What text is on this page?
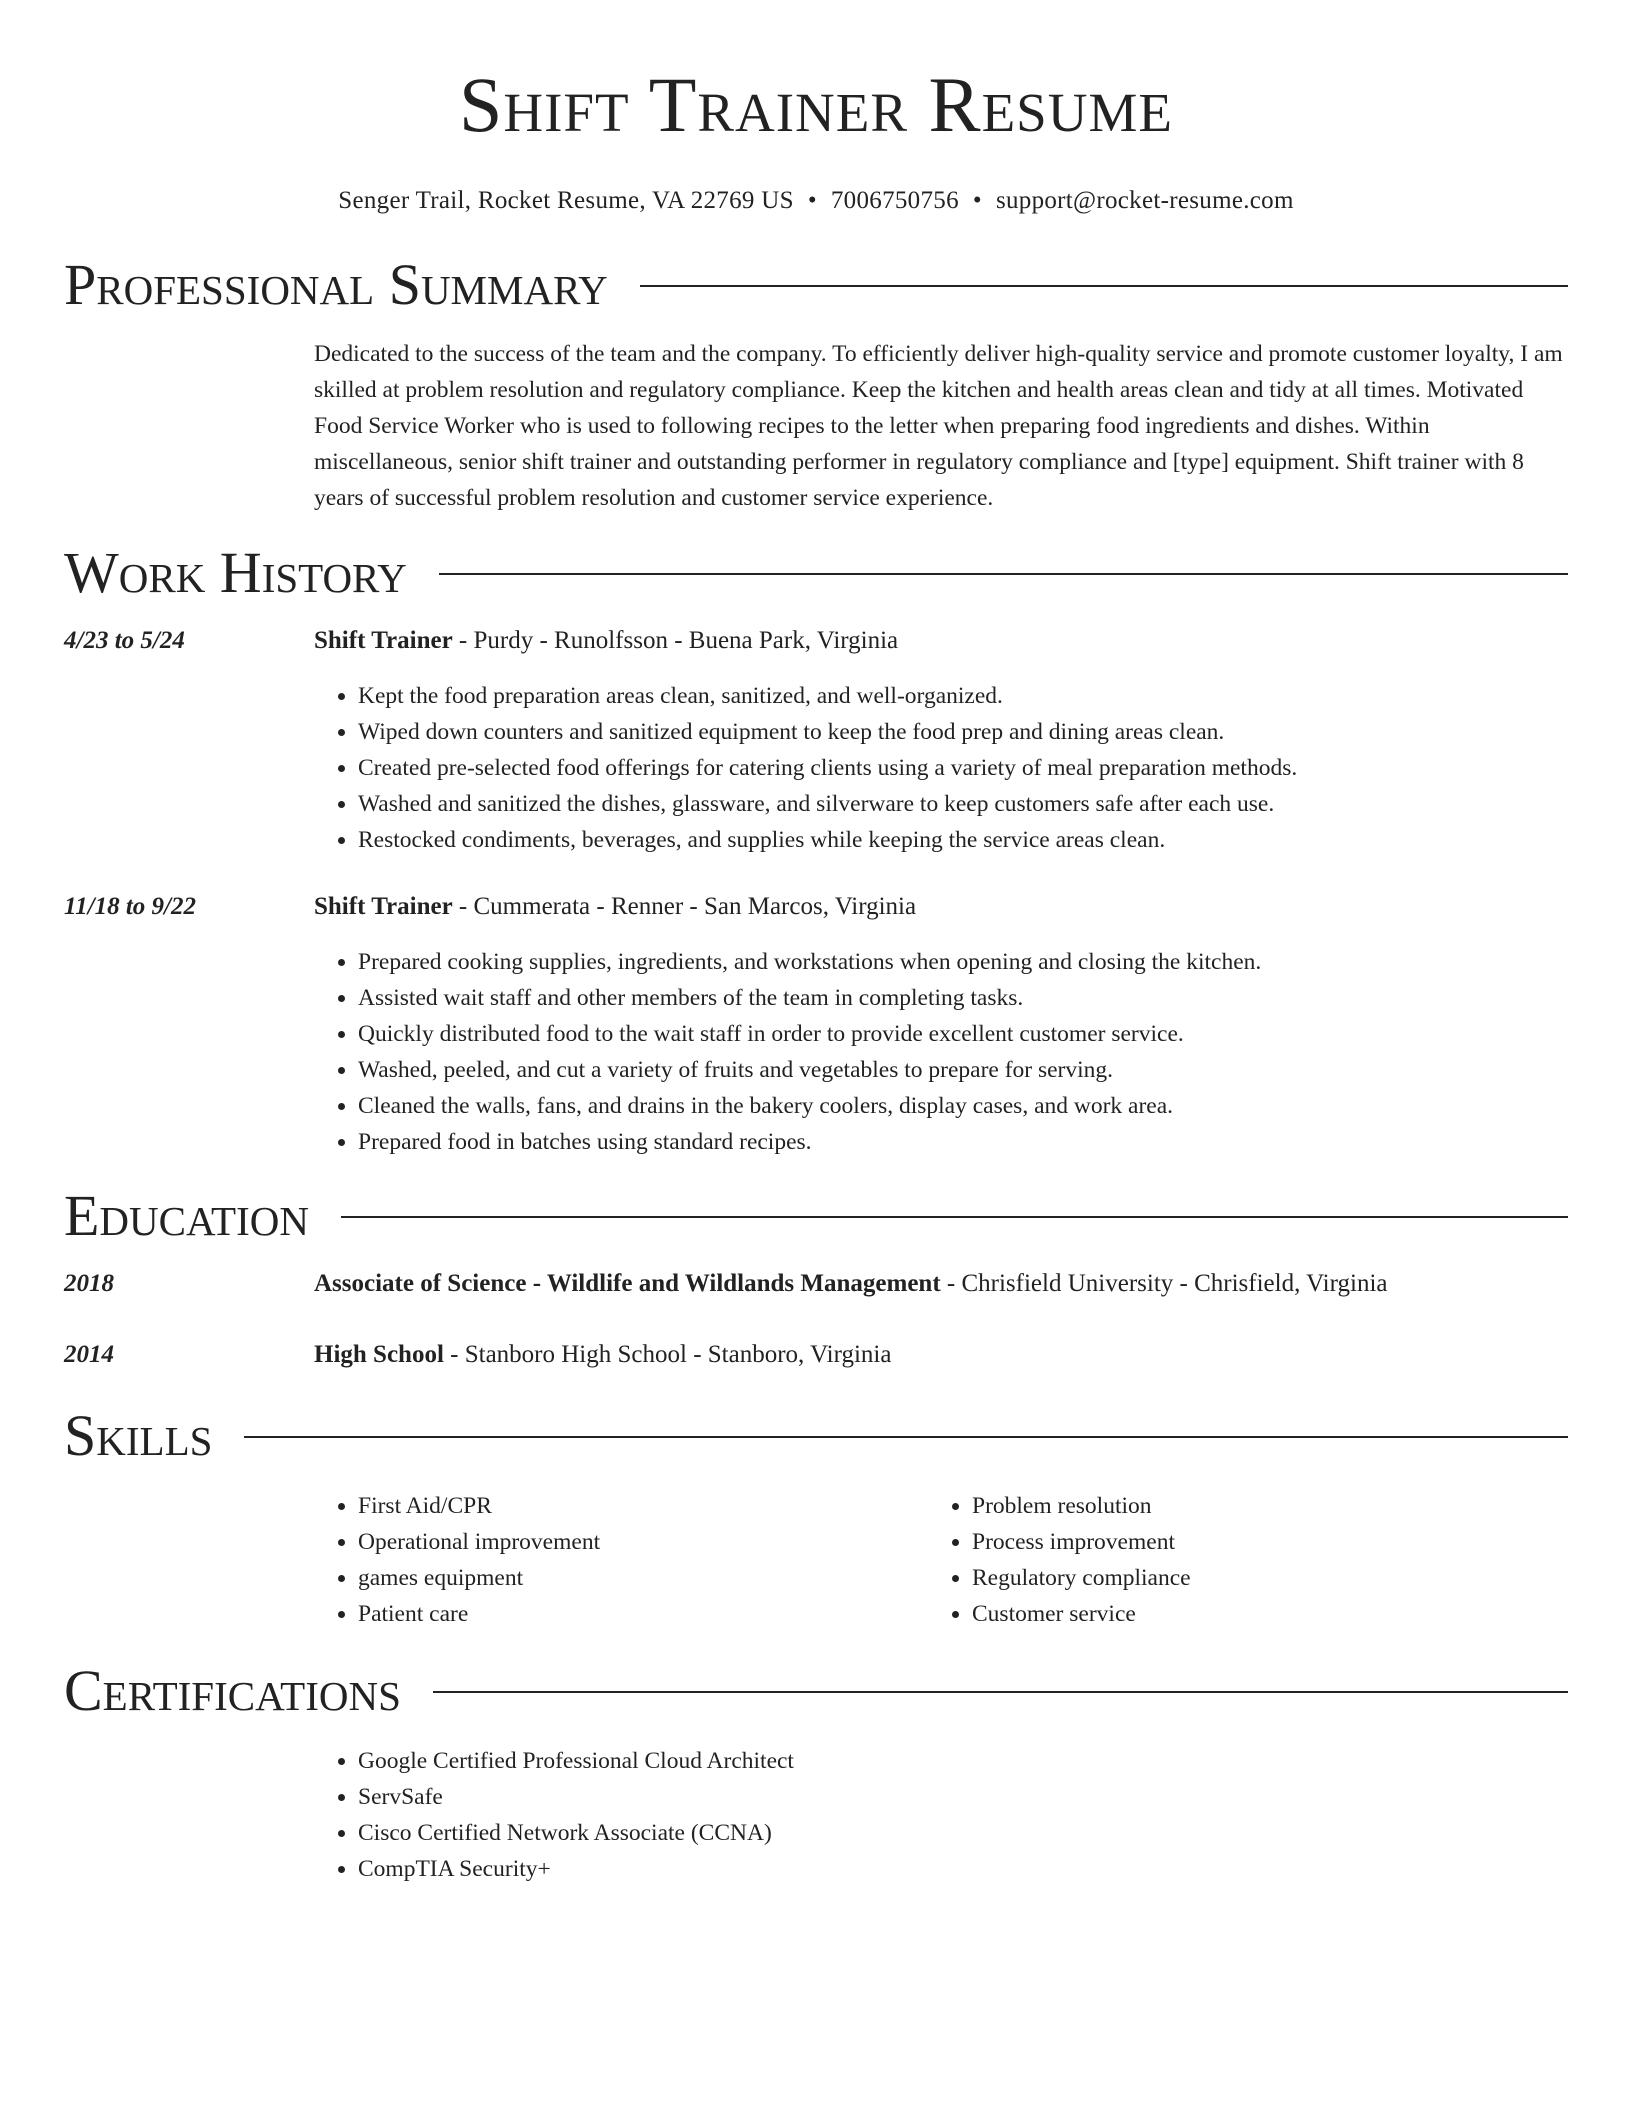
Shift Trainer Resume
Senger Trail, Rocket Resume, VA 22769 US • 7006750756 • support@rocket-resume.com
Professional Summary
Dedicated to the success of the team and the company. To efficiently deliver high-quality service and promote customer loyalty, I am skilled at problem resolution and regulatory compliance. Keep the kitchen and health areas clean and tidy at all times. Motivated Food Service Worker who is used to following recipes to the letter when preparing food ingredients and dishes. Within miscellaneous, senior shift trainer and outstanding performer in regulatory compliance and [type] equipment. Shift trainer with 8 years of successful problem resolution and customer service experience.
Work History
4/23 to 5/24	Shift Trainer - Purdy - Runolfsson - Buena Park, Virginia
• Kept the food preparation areas clean, sanitized, and well-organized.
• Wiped down counters and sanitized equipment to keep the food prep and dining areas clean.
• Created pre-selected food offerings for catering clients using a variety of meal preparation methods.
• Washed and sanitized the dishes, glassware, and silverware to keep customers safe after each use.
• Restocked condiments, beverages, and supplies while keeping the service areas clean.
11/18 to 9/22	Shift Trainer - Cummerata - Renner - San Marcos, Virginia
• Prepared cooking supplies, ingredients, and workstations when opening and closing the kitchen.
• Assisted wait staff and other members of the team in completing tasks.
• Quickly distributed food to the wait staff in order to provide excellent customer service.
• Washed, peeled, and cut a variety of fruits and vegetables to prepare for serving.
• Cleaned the walls, fans, and drains in the bakery coolers, display cases, and work area.
• Prepared food in batches using standard recipes.
Education
2018	Associate of Science - Wildlife and Wildlands Management - Chrisfield University - Chrisfield, Virginia
2014	High School - Stanboro High School - Stanboro, Virginia
Skills
• First Aid/CPR
• Operational improvement
• games equipment
• Patient care
• Problem resolution
• Process improvement
• Regulatory compliance
• Customer service
Certifications
• Google Certified Professional Cloud Architect
• ServSafe
• Cisco Certified Network Associate (CCNA)
• CompTIA Security+
